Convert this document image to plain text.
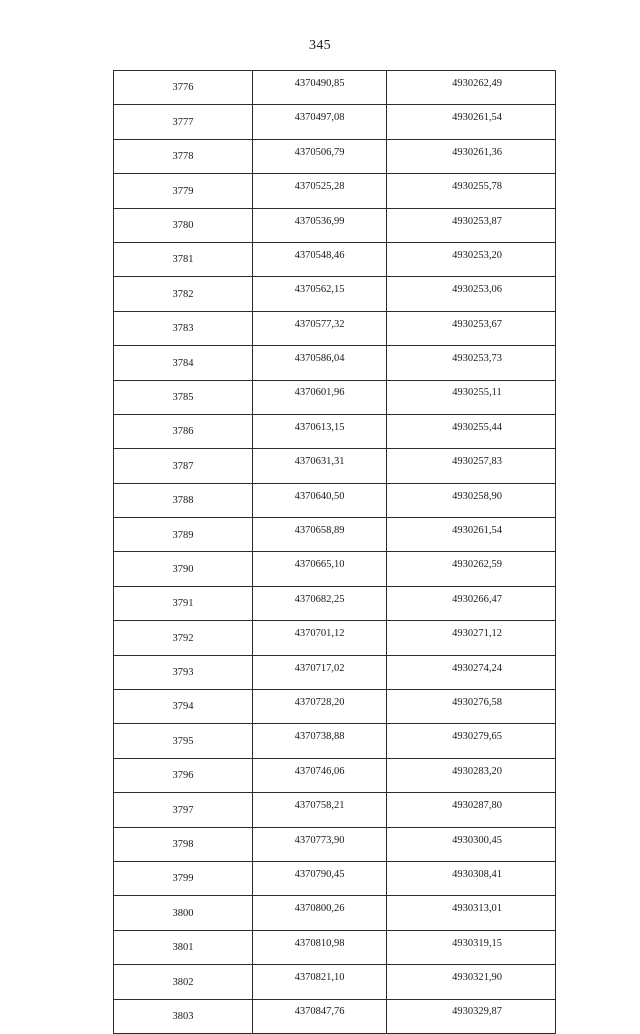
345
3776	4370490,85	4930262,49
3777	4370497,08	4930261,54
3778	4370506,79	4930261,36
3779	4370525,28	4930255,78
3780	4370536,99	4930253,87
3781	4370548,46	4930253,20
3782	4370562,15	4930253,06
3783	4370577,32	4930253,67
3784	4370586,04	4930253,73
3785	4370601,96	4930255,11
3786	4370613,15	4930255,44
3787	4370631,31	4930257,83
3788	4370640,50	4930258,90
3789	4370658,89	4930261,54
3790	4370665,10	4930262,59
3791	4370682,25	4930266,47
3792	4370701,12	4930271,12
3793	4370717,02	4930274,24
3794	4370728,20	4930276,58
3795	4370738,88	4930279,65
3796	4370746,06	4930283,20
3797	4370758,21	4930287,80
3798	4370773,90	4930300,45
3799	4370790,45	4930308,41
3800	4370800,26	4930313,01
3801	4370810,98	4930319,15
3802	4370821,10	4930321,90
3803	4370847,76	4930329,87
